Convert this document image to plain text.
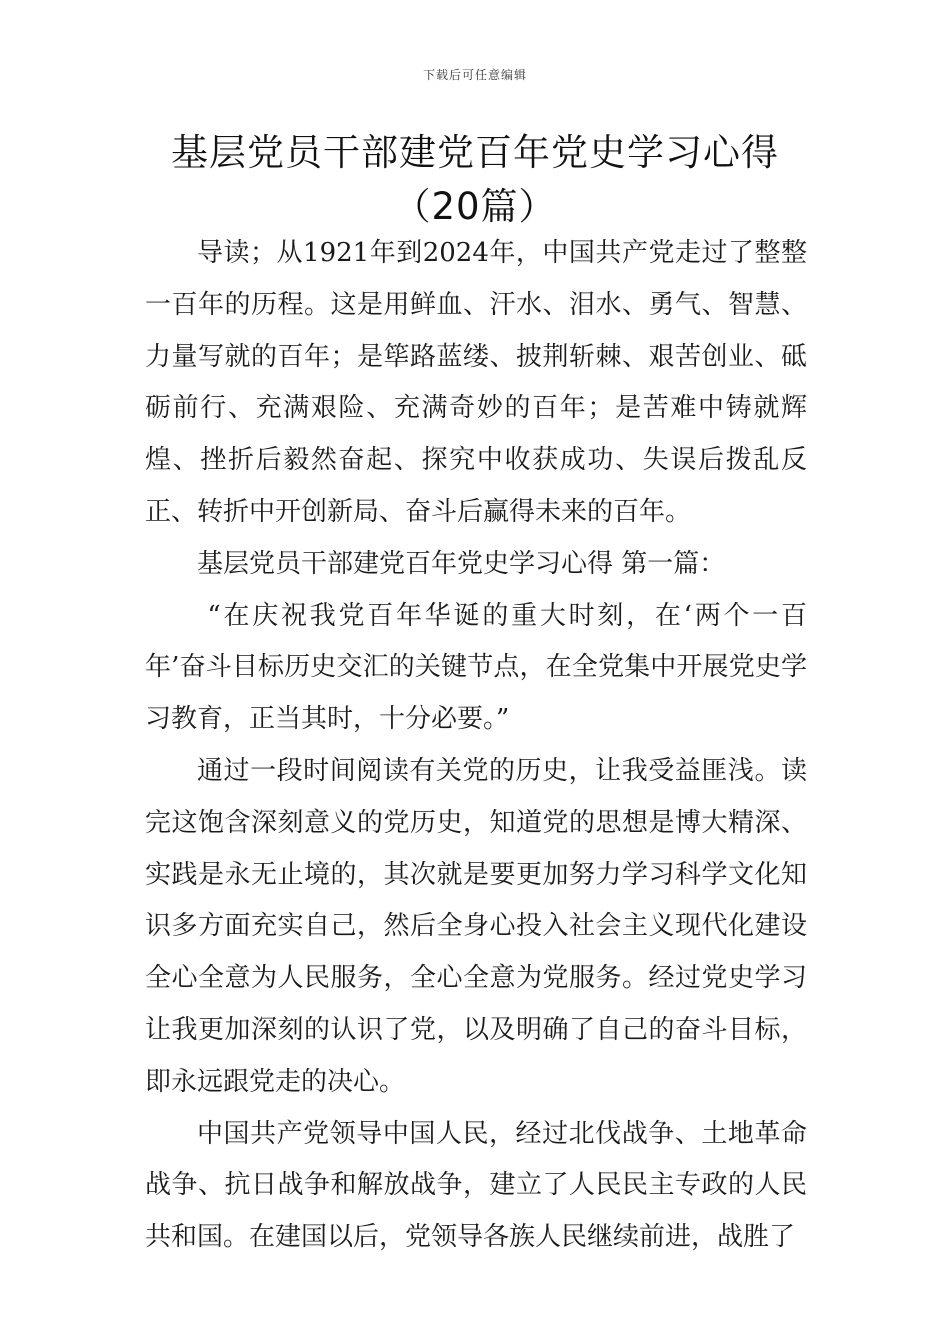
下载后可任意编辑
基层党员干部建党百年党史学习心得（20篇）

导读；从1921年到2024年，中国共产党走过了整整一百年的历程。这是用鲜血、汗水、泪水、勇气、智慧、力量写就的百年；是筚路蓝缕、披荆斩棘、艰苦创业、砥砺前行、充满艰险、充满奇妙的百年；是苦难中铸就辉煌、挫折后毅然奋起、探究中收获成功、失误后拨乱反正、转折中开创新局、奋斗后赢得未来的百年。

基层党员干部建党百年党史学习心得 第一篇：

“在庆祝我党百年华诞的重大时刻，在‘两个一百年’奋斗目标历史交汇的关键节点，在全党集中开展党史学习教育，正当其时，十分必要。”

通过一段时间阅读有关党的历史，让我受益匪浅。读完这饱含深刻意义的党历史，知道党的思想是博大精深、实践是永无止境的，其次就是要更加努力学习科学文化知识多方面充实自己，然后全身心投入社会主义现代化建设全心全意为人民服务，全心全意为党服务。经过党史学习让我更加深刻的认识了党，以及明确了自己的奋斗目标，即永远跟党走的决心。

中国共产党领导中国人民，经过北伐战争、土地革命战争、抗日战争和解放战争，建立了人民民主专政的人民共和国。在建国以后，党领导各族人民继续前进，战胜了
